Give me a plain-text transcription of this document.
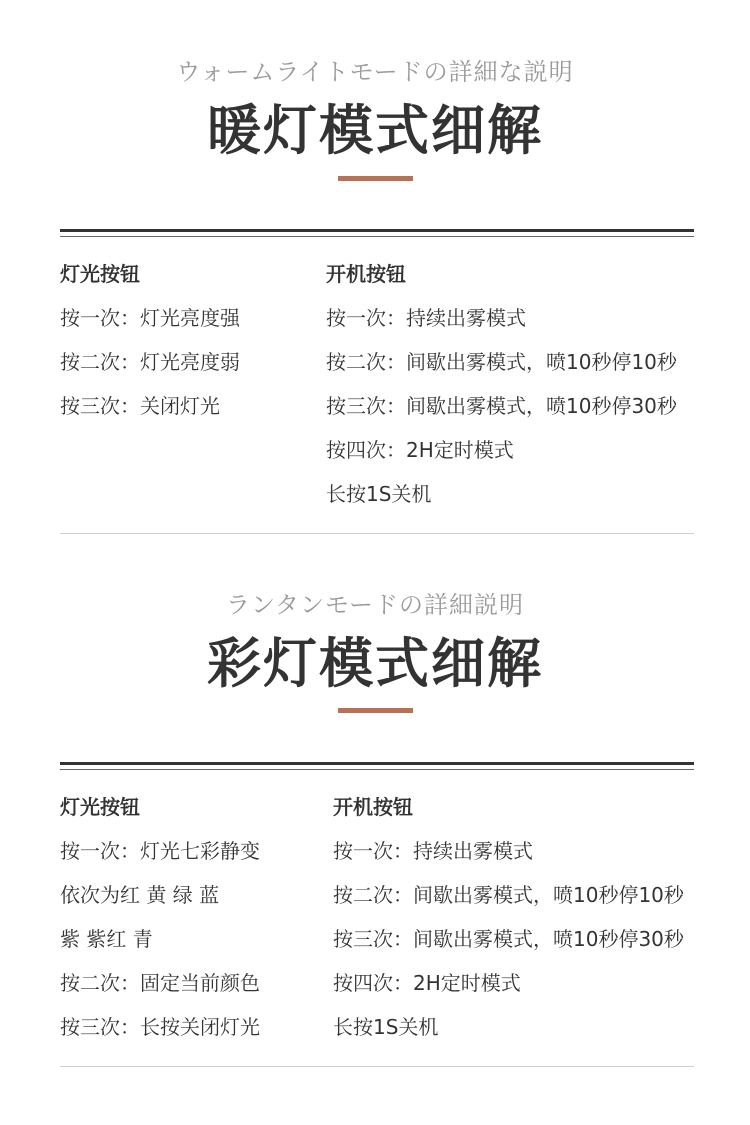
ウォームライトモードの詳細な説明
暖灯模式细解
灯光按钮
按一次：灯光亮度强
按二次：灯光亮度弱
按三次：关闭灯光
开机按钮
按一次：持续出雾模式
按二次：间歇出雾模式，喷10秒停10秒
按三次：间歇出雾模式，喷10秒停30秒
按四次：2H定时模式
长按1S关机
ランタンモードの詳細説明
彩灯模式细解
灯光按钮
按一次：灯光七彩静变
依次为红 黄 绿 蓝
紫 紫红 青
按二次：固定当前颜色
按三次：长按关闭灯光
开机按钮
按一次：持续出雾模式
按二次：间歇出雾模式，喷10秒停10秒
按三次：间歇出雾模式，喷10秒停30秒
按四次：2H定时模式
长按1S关机
